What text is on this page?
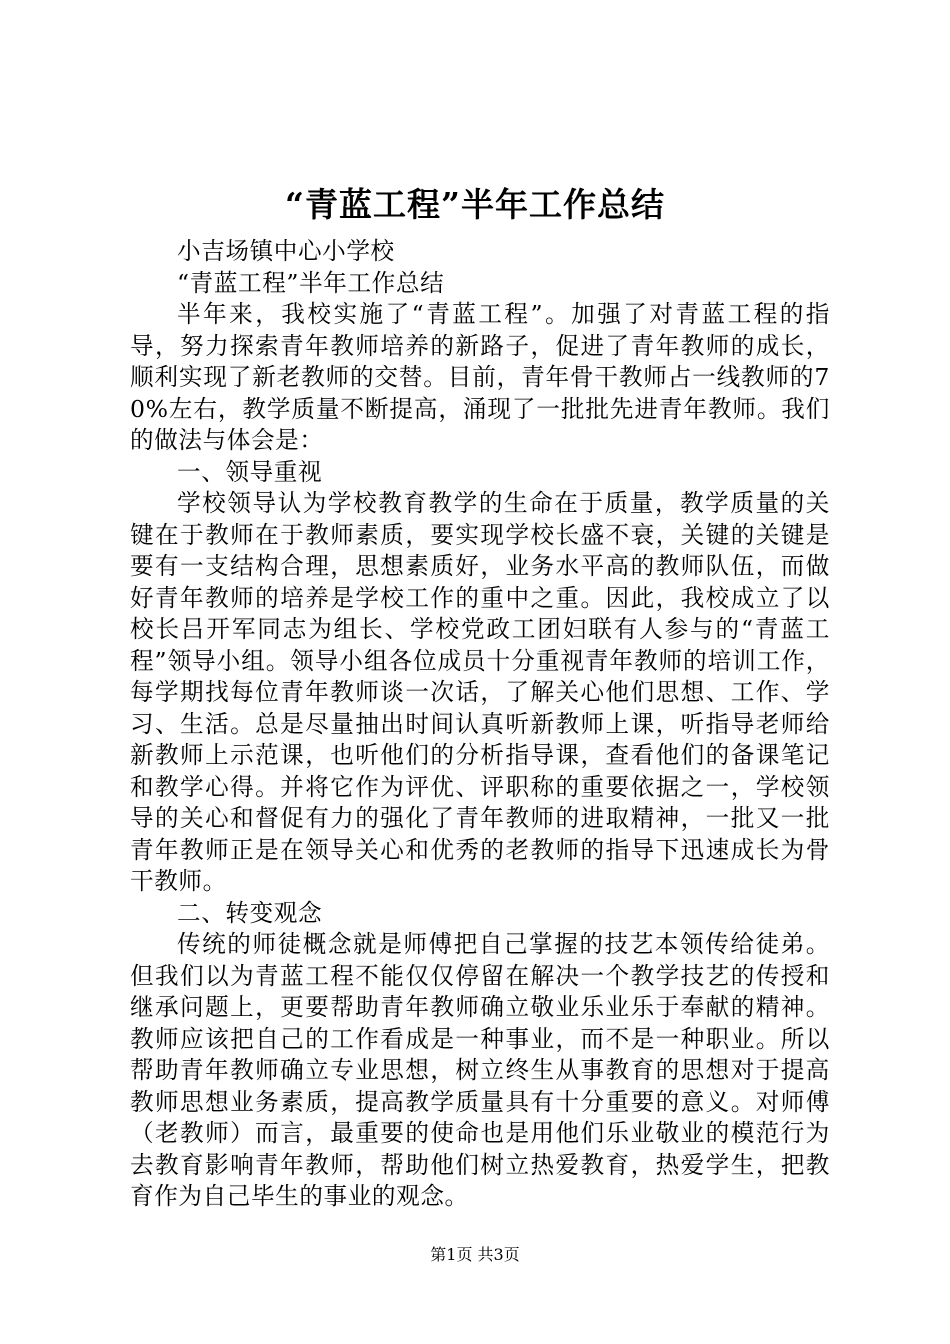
“青蓝工程”半年工作总结

小吉场镇中心小学校

“青蓝工程”半年工作总结

半年来，我校实施了“青蓝工程”。加强了对青蓝工程的指导，努力探索青年教师培养的新路子，促进了青年教师的成长，顺利实现了新老教师的交替。目前，青年骨干教师占一线教师的70%左右，教学质量不断提高，涌现了一批批先进青年教师。我们的做法与体会是：

一、领导重视

学校领导认为学校教育教学的生命在于质量，教学质量的关键在于教师在于教师素质，要实现学校长盛不衰，关键的关键是要有一支结构合理，思想素质好，业务水平高的教师队伍，而做好青年教师的培养是学校工作的重中之重。因此，我校成立了以校长吕开军同志为组长、学校党政工团妇联有人参与的“青蓝工程”领导小组。领导小组各位成员十分重视青年教师的培训工作，每学期找每位青年教师谈一次话，了解关心他们思想、工作、学习、生活。总是尽量抽出时间认真听新教师上课，听指导老师给新教师上示范课，也听他们的分析指导课，查看他们的备课笔记和教学心得。并将它作为评优、评职称的重要依据之一，学校领导的关心和督促有力的强化了青年教师的进取精神，一批又一批青年教师正是在领导关心和优秀的老教师的指导下迅速成长为骨干教师。

二、转变观念

传统的师徒概念就是师傅把自己掌握的技艺本领传给徒弟。但我们以为青蓝工程不能仅仅停留在解决一个教学技艺的传授和继承问题上，更要帮助青年教师确立敬业乐业乐于奉献的精神。教师应该把自己的工作看成是一种事业，而不是一种职业。所以帮助青年教师确立专业思想，树立终生从事教育的思想对于提高教师思想业务素质，提高教学质量具有十分重要的意义。对师傅（老教师）而言，最重要的使命也是用他们乐业敬业的模范行为去教育影响青年教师，帮助他们树立热爱教育，热爱学生，把教育作为自己毕生的事业的观念。

第1页 共3页
